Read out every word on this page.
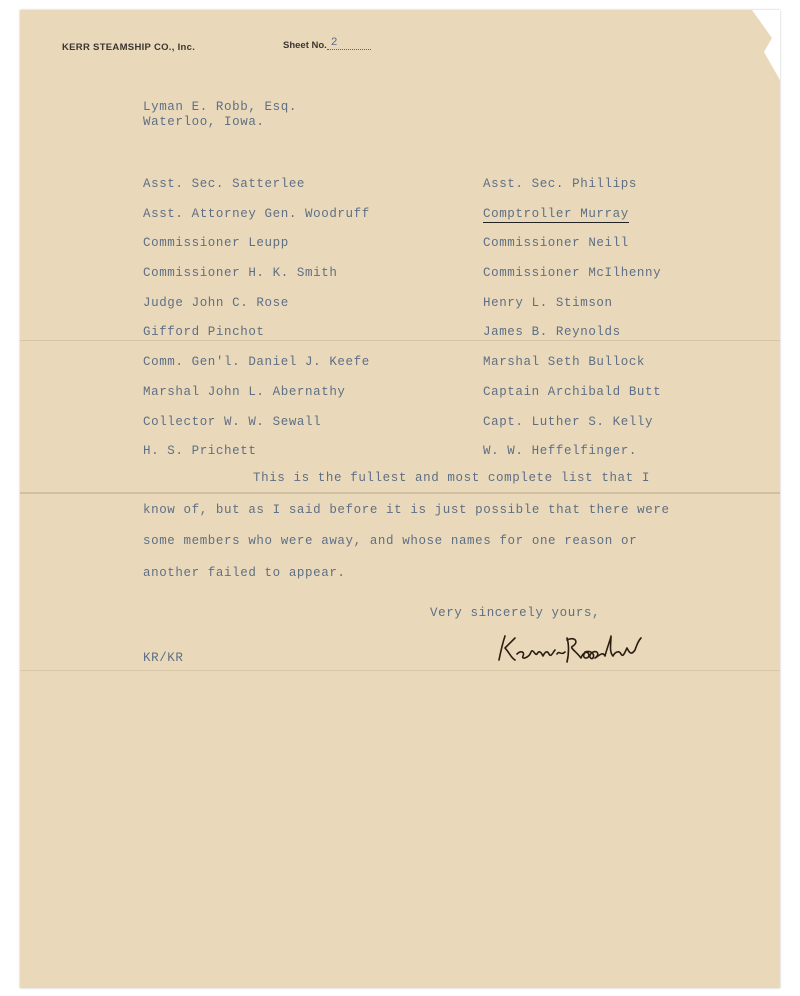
KERR STEAMSHIP CO., Inc.	Sheet No. 2
Lyman E. Robb, Esq.
Waterloo, Iowa.
Asst. Sec. Satterlee
Asst. Attorney Gen. Woodruff
Commissioner Leupp
Commissioner H. K. Smith
Judge John C. Rose
Gifford Pinchot
Comm. Gen'l. Daniel J. Keefe
Marshal John L. Abernathy
Collector W. W. Sewall
H. S. Prichett
Asst. Sec. Phillips
Comptroller Murray
Commissioner Neill
Commissioner McIlhenny
Henry L. Stimson
James B. Reynolds
Marshal Seth Bullock
Captain Archibald Butt
Capt. Luther S. Kelly
W. W. Heffelfinger.
This is the fullest and most complete list that I
know of, but as I said before it is just possible that there were
some members who were away, and whose names for one reason or
another failed to appear.
Very sincerely yours,
KR/KR
